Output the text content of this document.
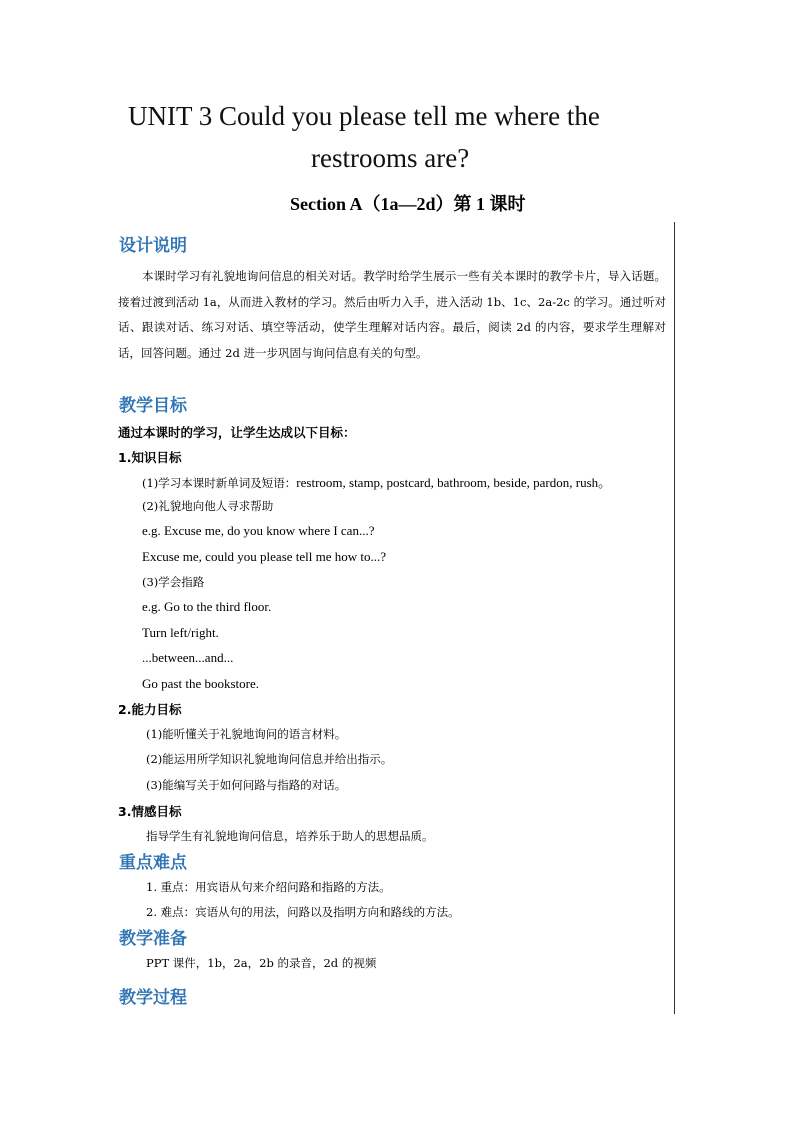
UNIT 3 Could you please tell me where the
restrooms are?
Section A（1a—2d）第 1 课时
设计说明
本课时学习有礼貌地询问信息的相关对话。教学时给学生展示一些有关本课时的教学卡片，导入话题。接着过渡到活动 1a，从而进入教材的学习。然后由听力入手，进入活动 1b、1c、2a-2c 的学习。通过听对话、跟读对话、练习对话、填空等活动，使学生理解对话内容。最后，阅读 2d 的内容，要求学生理解对话，回答问题。通过 2d 进一步巩固与询问信息有关的句型。
教学目标
通过本课时的学习，让学生达成以下目标：
1.知识目标
(1)学习本课时新单词及短语：restroom, stamp, postcard, bathroom, beside, pardon, rush。
(2)礼貌地向他人寻求帮助
e.g. Excuse me, do you know where I can...?
Excuse me, could you please tell me how to...?
(3)学会指路
e.g. Go to the third floor.
Turn left/right.
...between...and...
Go past the bookstore.
2.能力目标
(1)能听懂关于礼貌地询问的语言材料。
(2)能运用所学知识礼貌地询问信息并给出指示。
(3)能编写关于如何问路与指路的对话。
3.情感目标
指导学生有礼貌地询问信息，培养乐于助人的思想品质。
重点难点
1. 重点：用宾语从句来介绍问路和指路的方法。
2. 难点：宾语从句的用法，问路以及指明方向和路线的方法。
教学准备
PPT 课件，1b，2a，2b 的录音，2d 的视频
教学过程
